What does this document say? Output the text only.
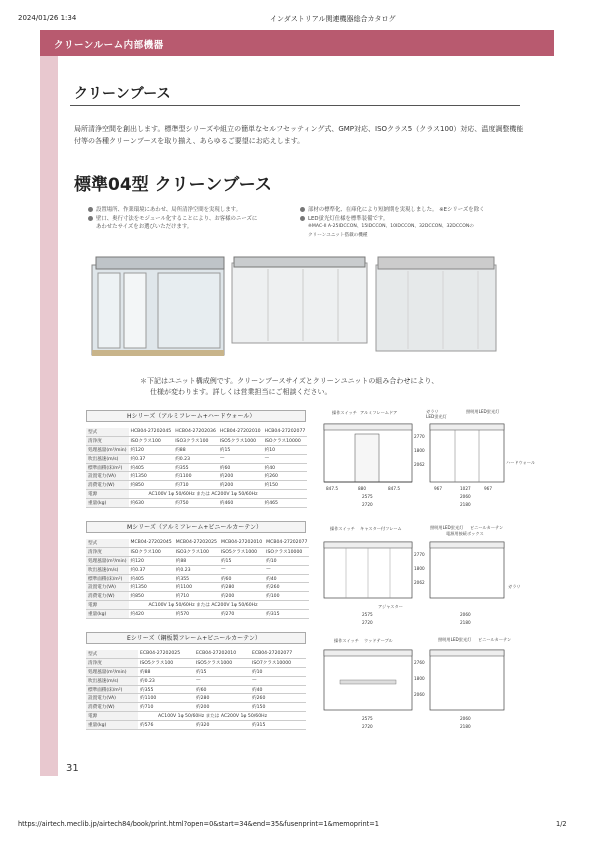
2024/01/26 1:34	インダストリアル関連機器総合カタログ
クリーンルーム内部機器
クリーンブース
局所清浄空間を創出します。標準型シリーズや組立の簡単なセルフセッティング式、GMP対応、ISOクラス5（クラス100）対応、温度調整機能付等の各種クリーンブースを取り揃え、あらゆるご要望にお応えします。
標準04型 クリーンブース
設置場所、作業環境にあわせ、局所清浄空間を実現します。
壁口、奥行寸法をモジュール化することにより、お客様のニーズに
あわせたサイズをお選びいただけます。
部材の標準化、在庫化により短納期を実現しました。 ※Eシリーズを除く
LED蛍光灯仕様を標準装備です。
※MAC-II A-25IDCCON、15IDCCON、10IDCCON、32DCCON、32DCCONの
クリーンユニット搭載の機種
＊下記はユニット構成例です。クリーンブースサイズとクリーンユニットの組み合わせにより、
仕様が変わります。詳しくは営業担当にご相談ください。
Hシリーズ（アルミフレーム+ハードウォール）
型式	HCB04-27202045	HCB04-27202036	HCB04-27202010	HCB04-27202077
清浄度	ISOクラス100	ISO3クラス100	ISO5クラス1000	ISOクラス10000
処理風量(m³/min)	約120	約88	約15	約10
吹出風速(m/s)	約0.37	約0.23	—	—
標準面積(床/m²)	約405	約355	約60	約40
設置電力(VA)	約1350	約1100	約200	約260
消費電力(W)	約850	約710	約200	約150
電源	AC100V 1φ 50/60Hz または AC200V 1φ 50/60Hz			
重量(kg)	約630	約750	約460	約465
Mシリーズ（アルミフレーム+ビニールカーテン）
型式	MCB04-27202045	MCB04-27202025	MCB04-27202010	MCB04-27202077
清浄度	ISOクラス100	ISO3クラス100	ISO5クラス1000	ISOクラス10000
処理風量(m³/min)	約120	約88	約15	約10
吹出風速(m/s)	約0.37	約0.23	—	—
標準面積(床/m²)	約405	約355	約60	約40
設置電力(VA)	約1350	約1100	約280	約260
消費電力(W)	約850	約710	約200	約100
電源	AC100V 1φ 50/60Hz または AC200V 1φ 50/60Hz			
重量(kg)	約420	約570	約270	約315
Eシリーズ（鋼板製フレーム+ビニールカーテン）
型式	ECB04-27202025	ECB04-27202010	ECB04-27202077
清浄度	ISO5クラス100	ISO5クラス1000	ISO7クラス10000
処理風量(m³/min)	約88	約15	約10
吹出風速(m/s)	約0.23	—	—
標準面積(床/m²)	約355	約60	約40
設置電力(VA)	約1100	約280	約260
消費電力(W)	約710	約200	約150
電源	AC100V 1φ 50/60Hz または AC200V 1φ 50/60Hz		
重量(kg)	約576	約320	約315
操作スイッチ アルミフレームドア	ガラリ
LED蛍光灯
照明用LED蛍光灯
ハードウォール
2770
1800
2062
847.5	880	847.5	967	1027	967
2575
2720
2060
2180
操作スイッチ キャスター付フレーム	照明用LED蛍光灯 ビニールカーテン
電源用接続ボックス
ガラリ
アジャスター
2770
1800
2062
2575
2720
2060
2180
操作スイッチ ウッドテーブル	照明用LED蛍光灯 ビニールカーテン
2760
1800
2060
2575
2720
2060
2180
31
https://airtech.meclib.jp/airtech84/book/print.html?open=0&start=34&end=35&fusenprint=1&memoprint=1	1/2
